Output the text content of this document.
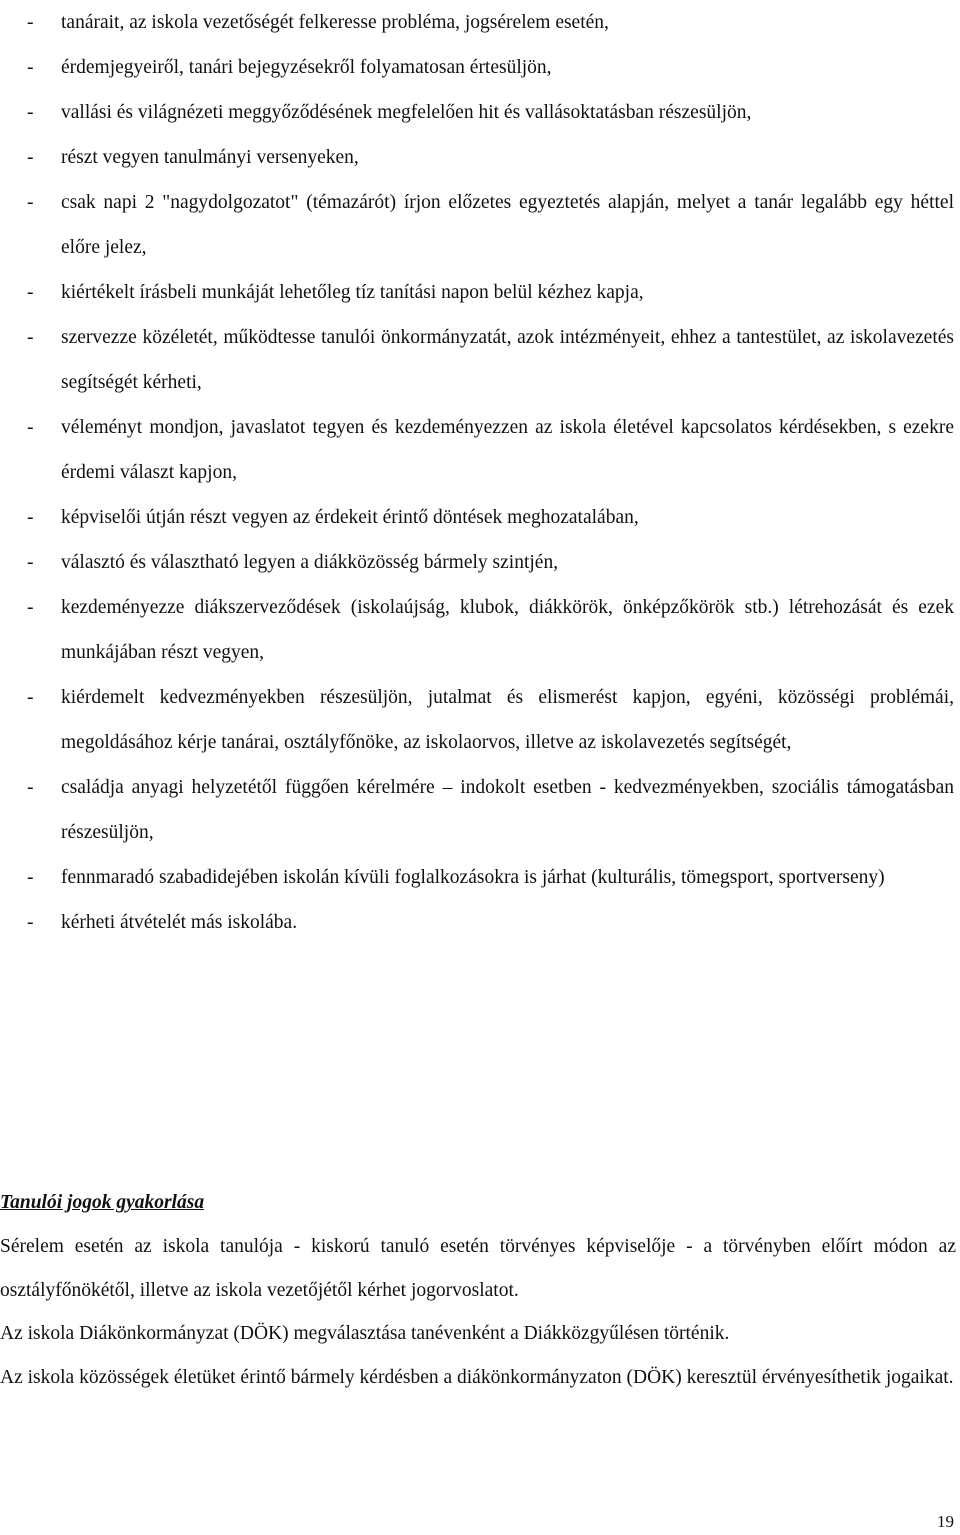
- tanárait, az iskola vezetőségét felkeresse probléma, jogsérelem esetén,
- érdemjegyeiről, tanári bejegyzésekről folyamatosan értesüljön,
- vallási és világnézeti meggyőződésének megfelelően hit és vallásoktatásban részesüljön,
- részt vegyen tanulmányi versenyeken,
- csak napi 2 "nagydolgozatot" (témazárót) írjon előzetes egyeztetés alapján, melyet a tanár legalább egy héttel előre jelez,
- kiértékelt írásbeli munkáját lehetőleg tíz tanítási napon belül kézhez kapja,
- szervezze közéletét, működtesse tanulói önkormányzatát, azok intézményeit, ehhez a tantestület, az iskolavezetés segítségét kérheti,
- véleményt mondjon, javaslatot tegyen és kezdeményezzen az iskola életével kapcsolatos kérdésekben, s ezekre érdemi választ kapjon,
- képviselői útján részt vegyen az érdekeit érintő döntések meghozatalában,
- választó és választható legyen a diákközösség bármely szintjén,
- kezdeményezze diákszerveződések (iskolaújság, klubok, diákkörök, önképzőkörök stb.) létrehozását és ezek munkájában részt vegyen,
- kiérdemelt kedvezményekben részesüljön, jutalmat és elismerést kapjon, egyéni, közösségi problémái, megoldásához kérje tanárai, osztályfőnöke, az iskolaorvos, illetve az iskolavezetés segítségét,
- családja anyagi helyzetétől függően kérelmére – indokolt esetben - kedvezményekben, szociális támogatásban részesüljön,
- fennmaradó szabadidejében iskolán kívüli foglalkozásokra is járhat (kulturális, tömegsport, sportverseny)
- kérheti átvételét más iskolába.
Tanulói jogok gyakorlása

Sérelem esetén az iskola tanulója - kiskorú tanuló esetén törvényes képviselője - a törvényben előírt módon az osztályfőnökétől, illetve az iskola vezetőjétől kérhet jogorvoslatot.

Az iskola Diákönkormányzat (DÖK) megválasztása tanévenként a Diákközgyűlésen történik.

Az iskola közösségek életüket érintő bármely kérdésben a diákönkormányzaton (DÖK) keresztül érvényesíthetik jogaikat.

19
